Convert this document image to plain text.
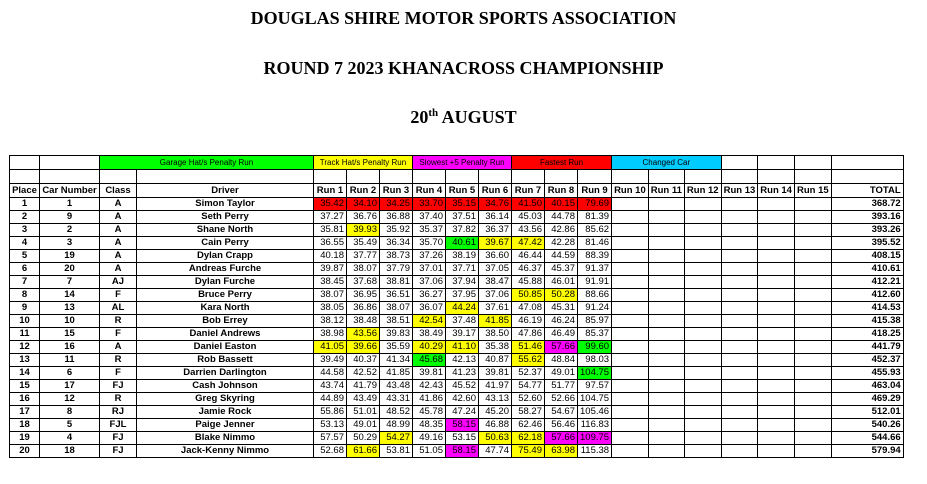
DOUGLAS SHIRE MOTOR SPORTS ASSOCIATION
ROUND 7 2023 KHANACROSS CHAMPIONSHIP
20th AUGUST
		Garage Hat/s Penalty Run		Track Hat/s Penalty Run			Slowest +5 Penalty Run			Fastest Run			Changed Car						

Place	Car Number	Class	Driver	Run 1	Run 2	Run 3	Run 4	Run 5	Run 6	Run 7	Run 8	Run 9	Run 10	Run 11	Run 12	Run 13	Run 14	Run 15	TOTAL
1	1	A	Simon Taylor	35.42	34.10	34.25	33.70	35.15	34.76	41.50	40.15	79.69							368.72
2	9	A	Seth Perry	37.27	36.76	36.88	37.40	37.51	36.14	45.03	44.78	81.39							393.16
3	2	A	Shane North	35.81	39.93	35.92	35.37	37.82	36.37	43.56	42.86	85.62							393.26
4	3	A	Cain Perry	36.55	35.49	36.34	35.70	40.61	39.67	47.42	42.28	81.46							395.52
5	19	A	Dylan Crapp	40.18	37.77	38.73	37.26	38.19	36.60	46.44	44.59	88.39							408.15
6	20	A	Andreas Furche	39.87	38.07	37.79	37.01	37.71	37.05	46.37	45.37	91.37							410.61
7	7	AJ	Dylan Furche	38.45	37.68	38.81	37.06	37.94	38.47	45.88	46.01	91.91							412.21
8	14	F	Bruce Perry	38.07	36.95	36.51	36.27	37.95	37.06	50.85	50.28	88.66							412.60
9	13	AL	Kara North	38.05	36.86	38.07	36.07	44.24	37.61	47.08	45.31	91.24							414.53
10	10	R	Bob Errey	38.12	38.48	38.51	42.54	37.48	41.85	46.19	46.24	85.97							415.38
11	15	F	Daniel Andrews	38.98	43.56	39.83	38.49	39.17	38.50	47.86	46.49	85.37							418.25
12	16	A	Daniel Easton	41.05	39.66	35.59	40.29	41.10	35.38	51.46	57.66	99.60							441.79
13	11	R	Rob Bassett	39.49	40.37	41.34	45.68	42.13	40.87	55.62	48.84	98.03							452.37
14	6	F	Darrien Darlington	44.58	42.52	41.85	39.81	41.23	39.81	52.37	49.01	104.75							455.93
15	17	FJ	Cash Johnson	43.74	41.79	43.48	42.43	45.52	41.97	54.77	51.77	97.57							463.04
16	12	R	Greg Skyring	44.89	43.49	43.31	41.86	42.60	43.13	52.60	52.66	104.75							469.29
17	8	RJ	Jamie Rock	55.86	51.01	48.52	45.78	47.24	45.20	58.27	54.67	105.46							512.01
18	5	FJL	Paige Jenner	53.13	49.01	48.99	48.35	58.15	46.88	62.46	56.46	116.83							540.26
19	4	FJ	Blake Nimmo	57.57	50.29	54.27	49.16	53.15	50.63	62.18	57.66	109.75							544.66
20	18	FJ	Jack-Kenny Nimmo	52.68	61.66	53.81	51.05	58.15	47.74	75.49	63.98	115.38							579.94
